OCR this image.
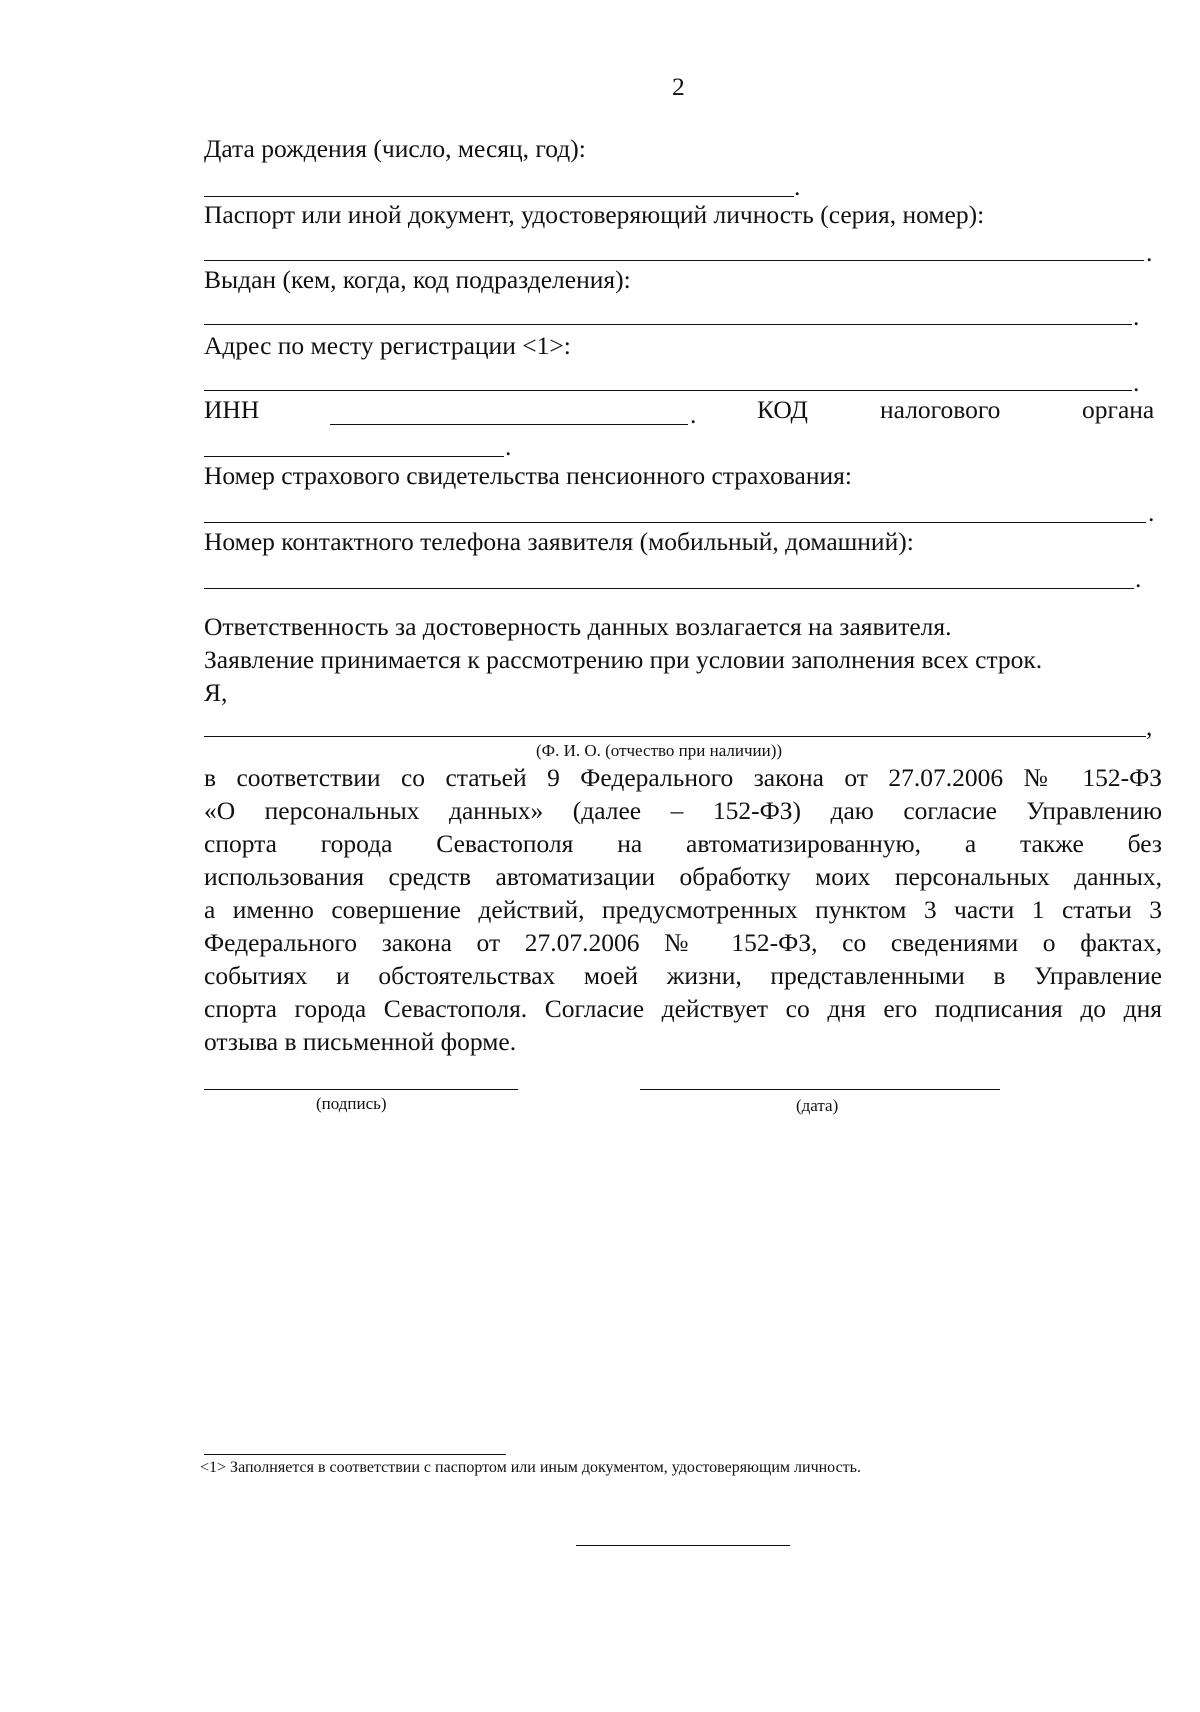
2
Дата рождения (число, месяц, год):
.
Паспорт или иной документ, удостоверяющий личность (серия, номер):
.
Выдан (кем, когда, код подразделения):
.
Адрес по месту регистрации <1>:
.
ИНН	. КОД	налогового	органа
.
Номер страхового свидетельства пенсионного страхования:
.
Номер контактного телефона заявителя (мобильный, домашний):
.
Ответственность за достоверность данных возлагается на заявителя.
Заявление принимается к рассмотрению при условии заполнения всех строк.
Я,
,
(Ф. И. О. (отчество при наличии))
в соответствии со статьей 9 Федерального закона от 27.07.2006 № 152-ФЗ
«О персональных данных» (далее – 152-ФЗ) даю согласие Управлению
спорта города Севастополя на автоматизированную, а также без
использования средств автоматизации обработку моих персональных данных,
а именно совершение действий, предусмотренных пунктом 3 части 1 статьи 3
Федерального закона от 27.07.2006 № 152-ФЗ, со сведениями о фактах,
событиях и обстоятельствах моей жизни, представленными в Управление
спорта города Севастополя. Согласие действует со дня его подписания до дня
отзыва в письменной форме.
(подпись)	(дата)
<1> Заполняется в соответствии с паспортом или иным документом, удостоверяющим личность.
